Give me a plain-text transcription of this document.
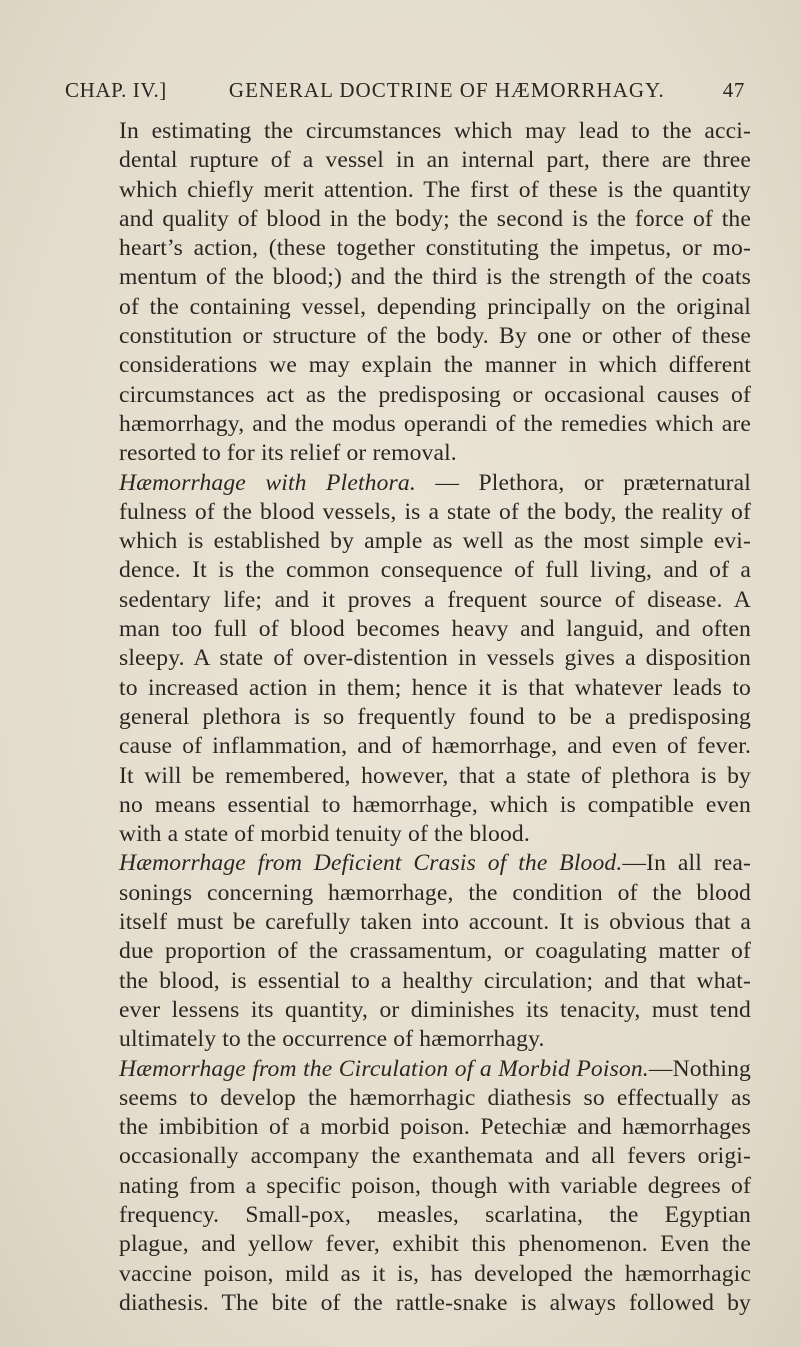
CHAP. IV.]	GENERAL DOCTRINE OF HÆMORRHAGY.	47

In estimating the circumstances which may lead to the acci-
dental rupture of a vessel in an internal part, there are three
which chiefly merit attention. The first of these is the quantity
and quality of blood in the body; the second is the force of the
heart’s action, (these together constituting the impetus, or mo-
mentum of the blood;) and the third is the strength of the coats
of the containing vessel, depending principally on the original
constitution or structure of the body. By one or other of these
considerations we may explain the manner in which different
circumstances act as the predisposing or occasional causes of
hæmorrhagy, and the modus operandi of the remedies which are
resorted to for its relief or removal.

Hæmorrhage with Plethora. — Plethora, or præternatural
fulness of the blood vessels, is a state of the body, the reality of
which is established by ample as well as the most simple evi-
dence. It is the common consequence of full living, and of a
sedentary life; and it proves a frequent source of disease. A
man too full of blood becomes heavy and languid, and often
sleepy. A state of over-distention in vessels gives a disposition
to increased action in them; hence it is that whatever leads to
general plethora is so frequently found to be a predisposing
cause of inflammation, and of hæmorrhage, and even of fever.
It will be remembered, however, that a state of plethora is by
no means essential to hæmorrhage, which is compatible even
with a state of morbid tenuity of the blood.

Hæmorrhage from Deficient Crasis of the Blood.—In all rea-
sonings concerning hæmorrhage, the condition of the blood
itself must be carefully taken into account. It is obvious that a
due proportion of the crassamentum, or coagulating matter of
the blood, is essential to a healthy circulation; and that what-
ever lessens its quantity, or diminishes its tenacity, must tend
ultimately to the occurrence of hæmorrhagy.

Hæmorrhage from the Circulation of a Morbid Poison.—Nothing
seems to develop the hæmorrhagic diathesis so effectually as
the imbibition of a morbid poison. Petechiæ and hæmorrhages
occasionally accompany the exanthemata and all fevers origi-
nating from a specific poison, though with variable degrees of
frequency. Small-pox, measles, scarlatina, the Egyptian
plague, and yellow fever, exhibit this phenomenon. Even the
vaccine poison, mild as it is, has developed the hæmorrhagic
diathesis. The bite of the rattle-snake is always followed by
